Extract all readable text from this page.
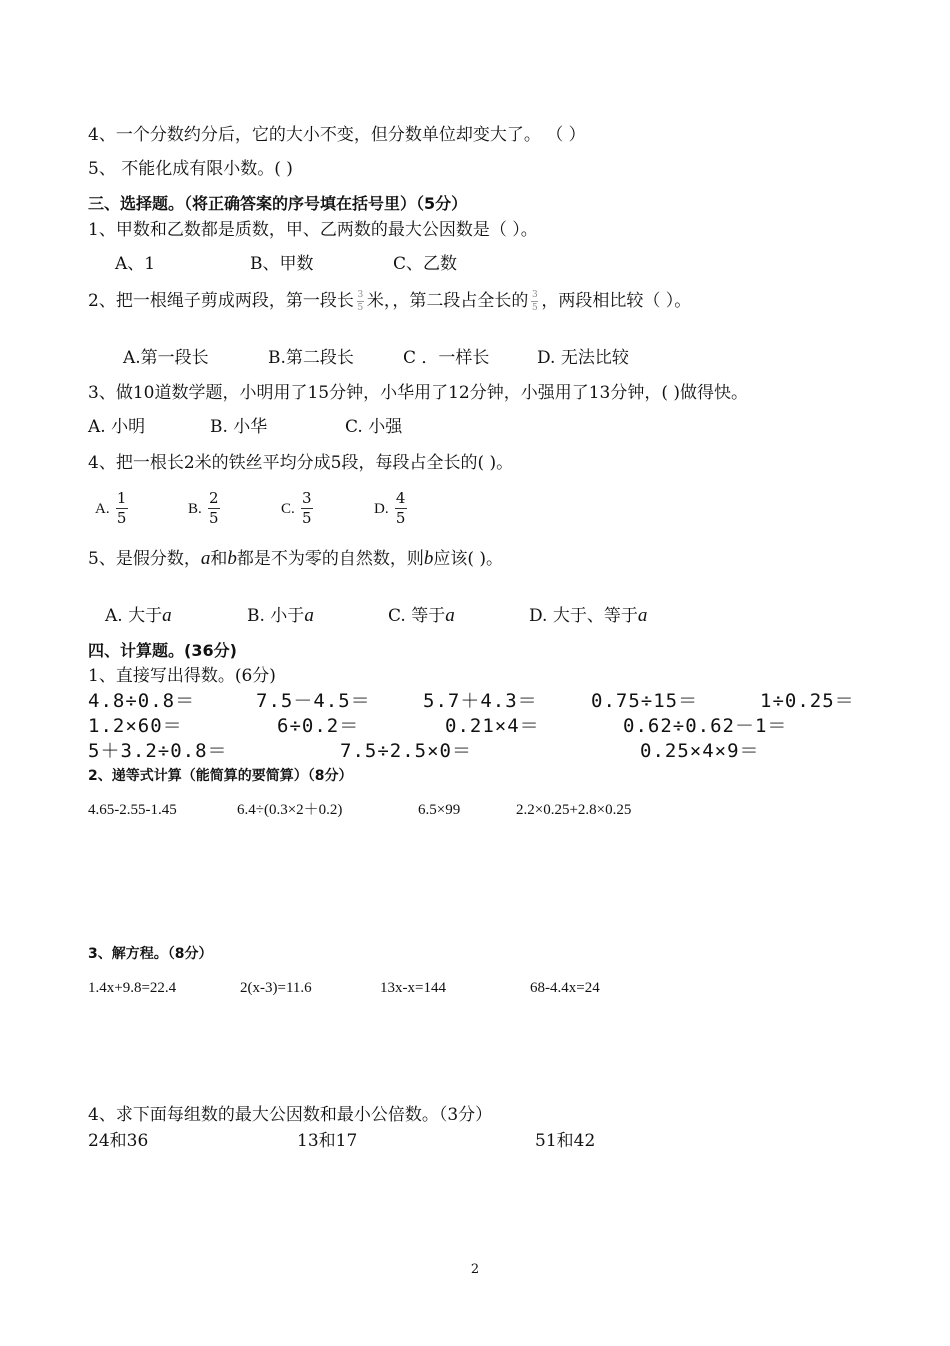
4、一个分数约分后，它的大小不变，但分数单位却变大了。 （ ）
5、 不能化成有限小数。( )
三、选择题。（将正确答案的序号填在括号里）（5分）
1、甲数和乙数都是质数，甲、乙两数的最大公因数是（ ）。
A、1	B、甲数	C、乙数
2、把一根绳子剪成两段，第一段长 $\frac{3}{5}$ 米，，第二段占全长的 $\frac{3}{5}$ ，两段相比较（ ）。
A.第一段长	B.第二段长	C ．一样长	D. 无法比较
3、做10道数学题，小明用了15分钟，小华用了12分钟，小强用了13分钟，( )做得快。
A. 小明	B. 小华	C. 小强
4、把一根长2米的铁丝平均分成5段，每段占全长的( )。
A. $\frac{1}{5}$	B. $\frac{2}{5}$	C. $\frac{3}{5}$	D. $\frac{4}{5}$
5、是假分数，a和b都是不为零的自然数，则b应该( )。
A. 大于a	B. 小于a	C. 等于a	D. 大于、等于a
四、计算题。(36分)
1、直接写出得数。(6分)
4.8÷0.8＝	7.5－4.5＝	5.7＋4.3＝	0.75÷15＝	1÷0.25＝
1.2×60＝	6÷0.2＝	0.21×4＝	0.62÷0.62－1＝
5＋3.2÷0.8＝	7.5÷2.5×0＝	0.25×4×9＝
2、递等式计算（能简算的要简算）（8分）
4.65-2.55-1.45	6.4÷(0.3×2＋0.2)	6.5×99	2.2×0.25+2.8×0.25
3、解方程。（8分）
1.4x+9.8=22.4	2(x-3)=11.6	13x-x=144	68-4.4x=24
4、求下面每组数的最大公因数和最小公倍数。（3分）
24和36	13和17	51和42
2
